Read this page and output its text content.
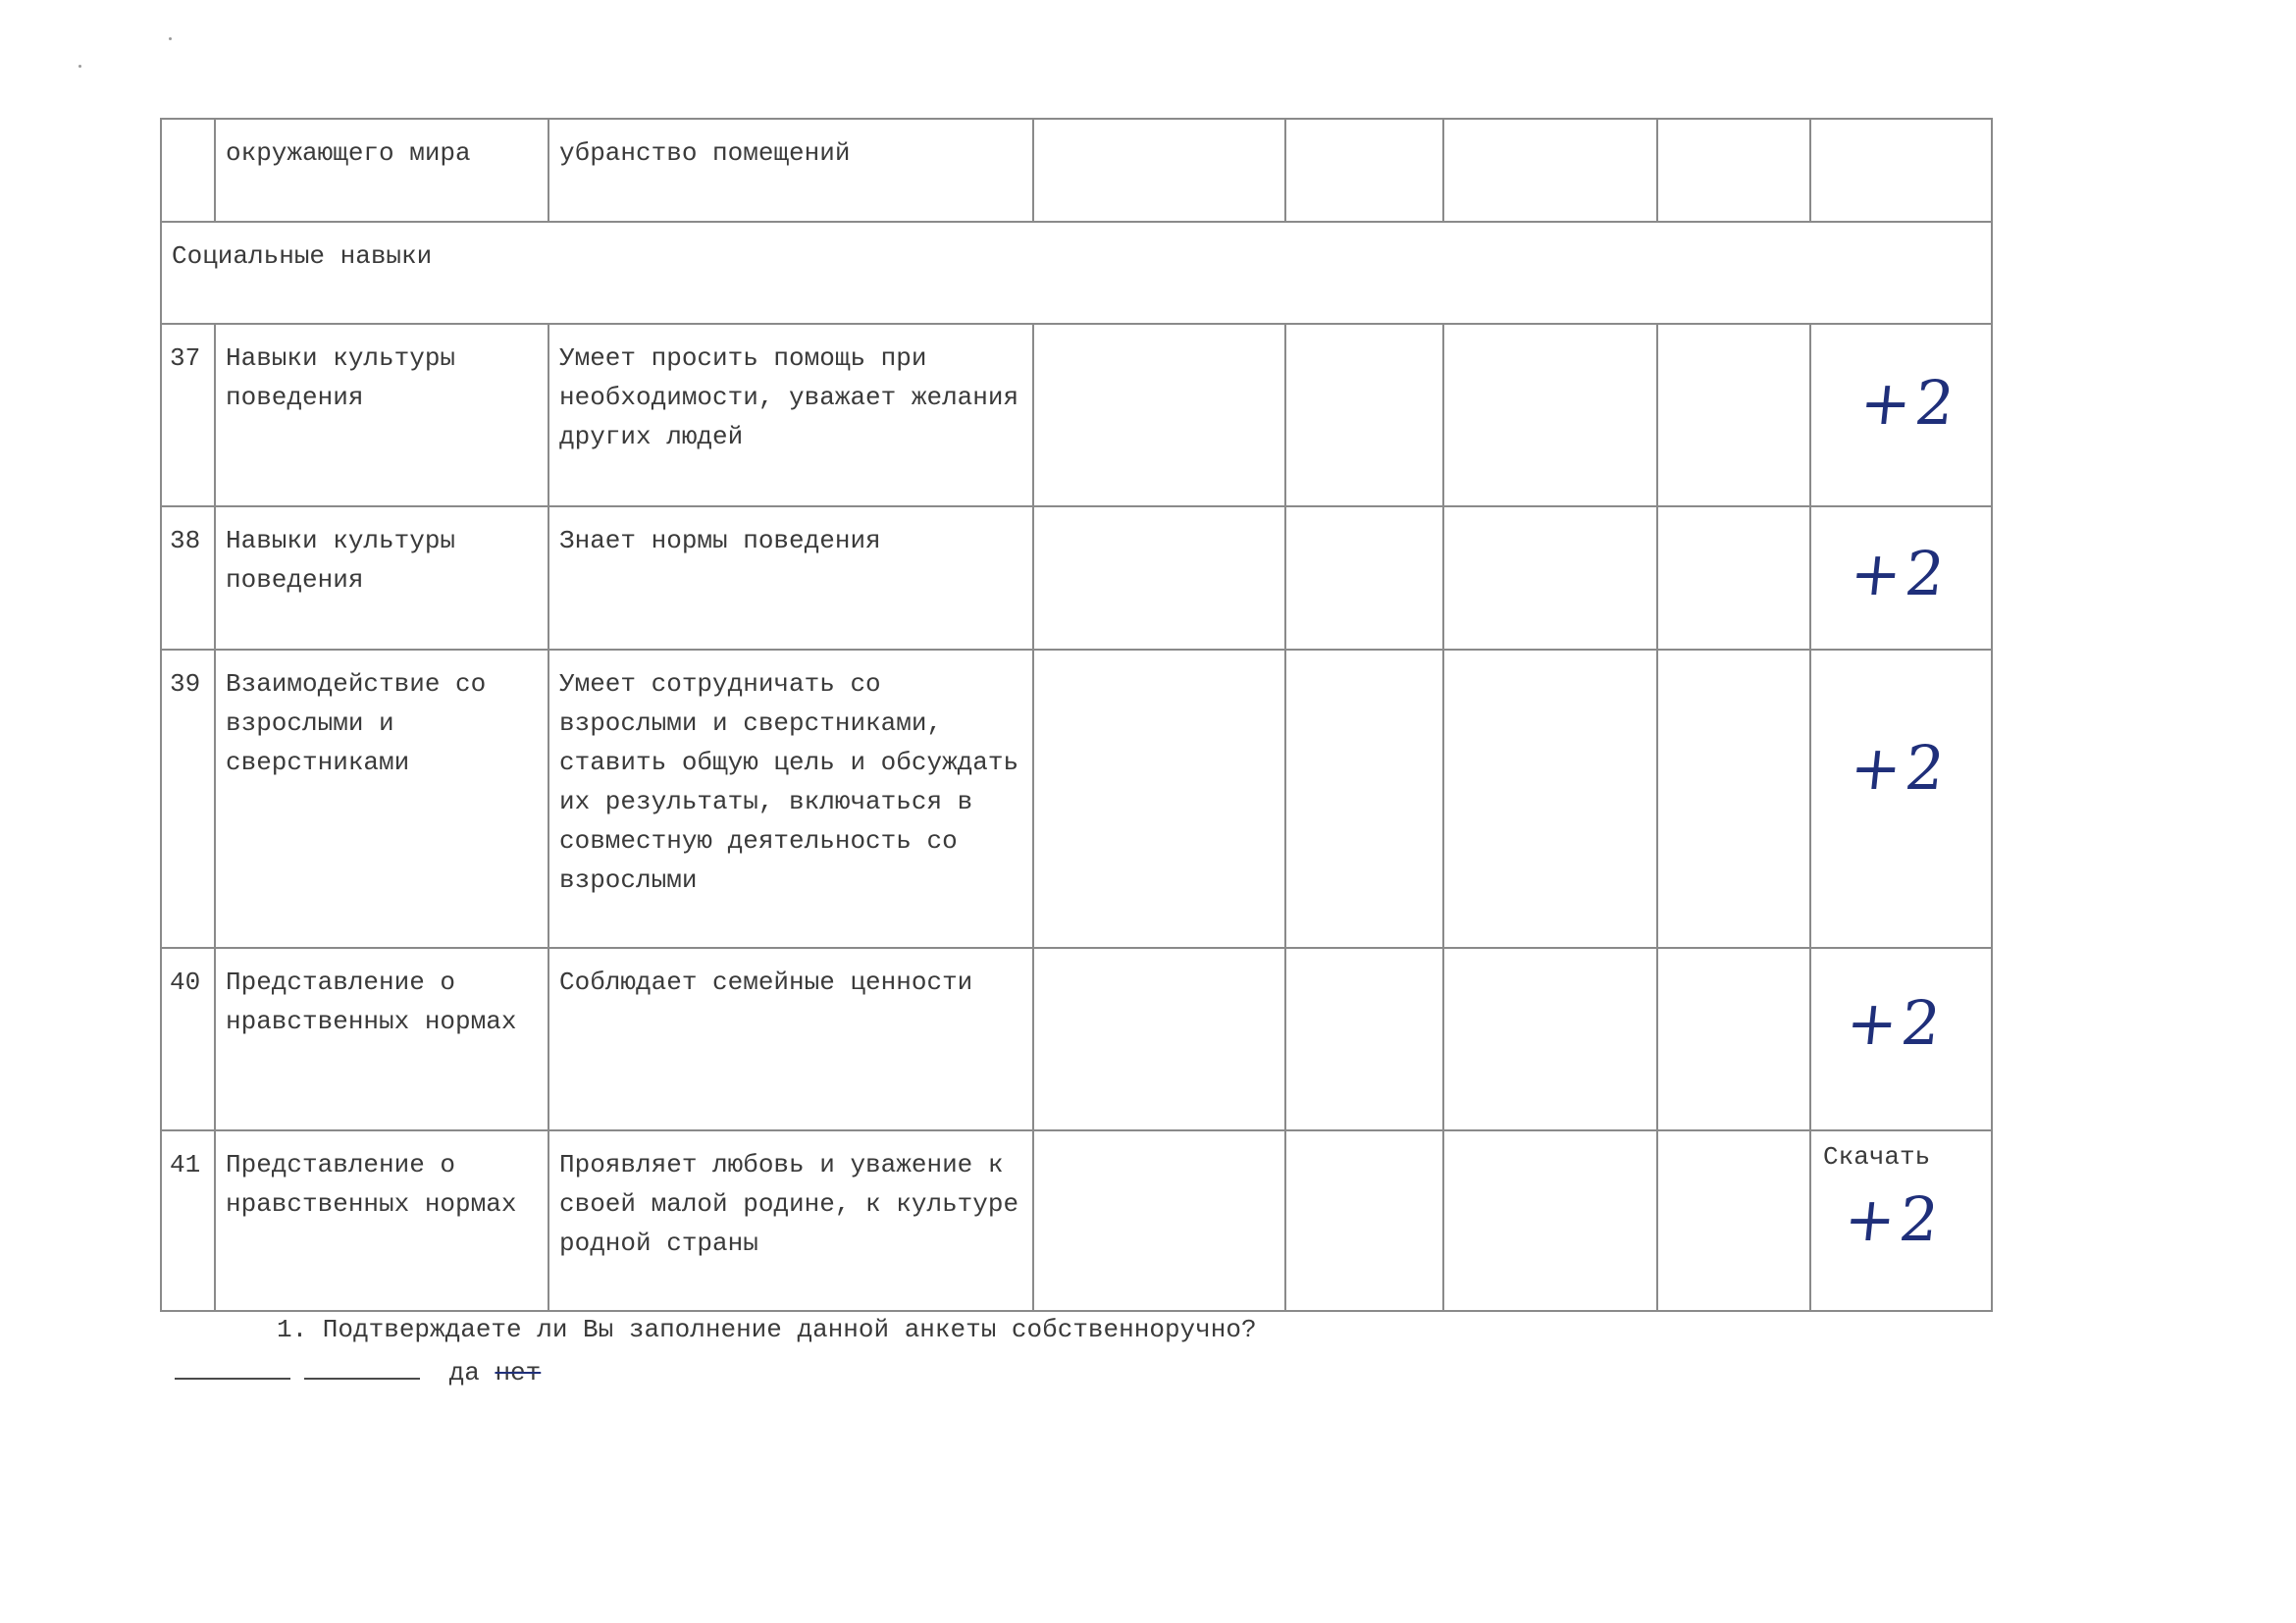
	окружающего мира	убранство помещений					
Социальные навыки							
37	Навыки культуры поведения	Умеет просить помощь при необходимости, уважает желания других людей					+2

38	Навыки культуры поведения	Знает нормы поведения					+2

39	Взаимодействие со взрослыми и сверстниками	Умеет сотрудничать со взрослыми и сверстниками, ставить общую цель и обсуждать их результаты, включаться в совместную деятельность со взрослыми					+2

40	Представление о нравственных нормах	Соблюдает семейные ценности					+2

41	Представление о нравственных нормах	Проявляет любовь и уважение к своей малой родине, к культуре родной страны					Скачать
+2
1. Подтверждаете ли Вы заполнение данной анкеты собственноручно?
да нет
